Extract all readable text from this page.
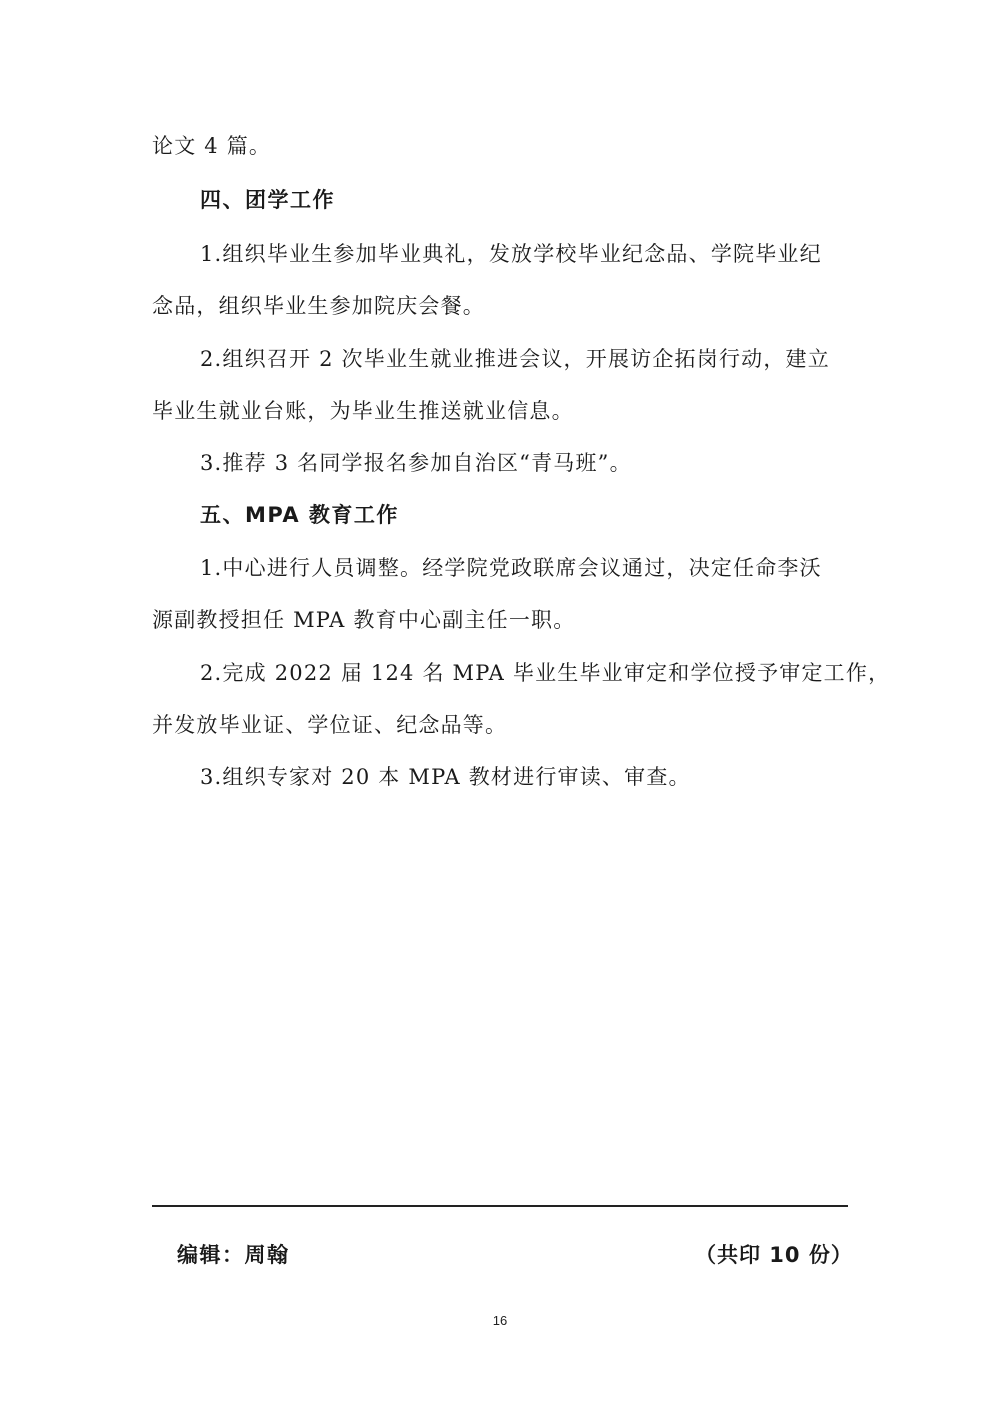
论文 4 篇。
四、团学工作
1.组织毕业生参加毕业典礼，发放学校毕业纪念品、学院毕业纪
念品，组织毕业生参加院庆会餐。
2.组织召开 2 次毕业生就业推进会议，开展访企拓岗行动，建立
毕业生就业台账，为毕业生推送就业信息。
3.推荐 3 名同学报名参加自治区“青马班”。
五、MPA 教育工作
1.中心进行人员调整。经学院党政联席会议通过，决定任命李沃
源副教授担任 MPA 教育中心副主任一职。
2.完成 2022 届 124 名 MPA 毕业生毕业审定和学位授予审定工作，
并发放毕业证、学位证、纪念品等。
3.组织专家对 20 本 MPA 教材进行审读、审查。
编辑：周翰	（共印 10 份）
16
